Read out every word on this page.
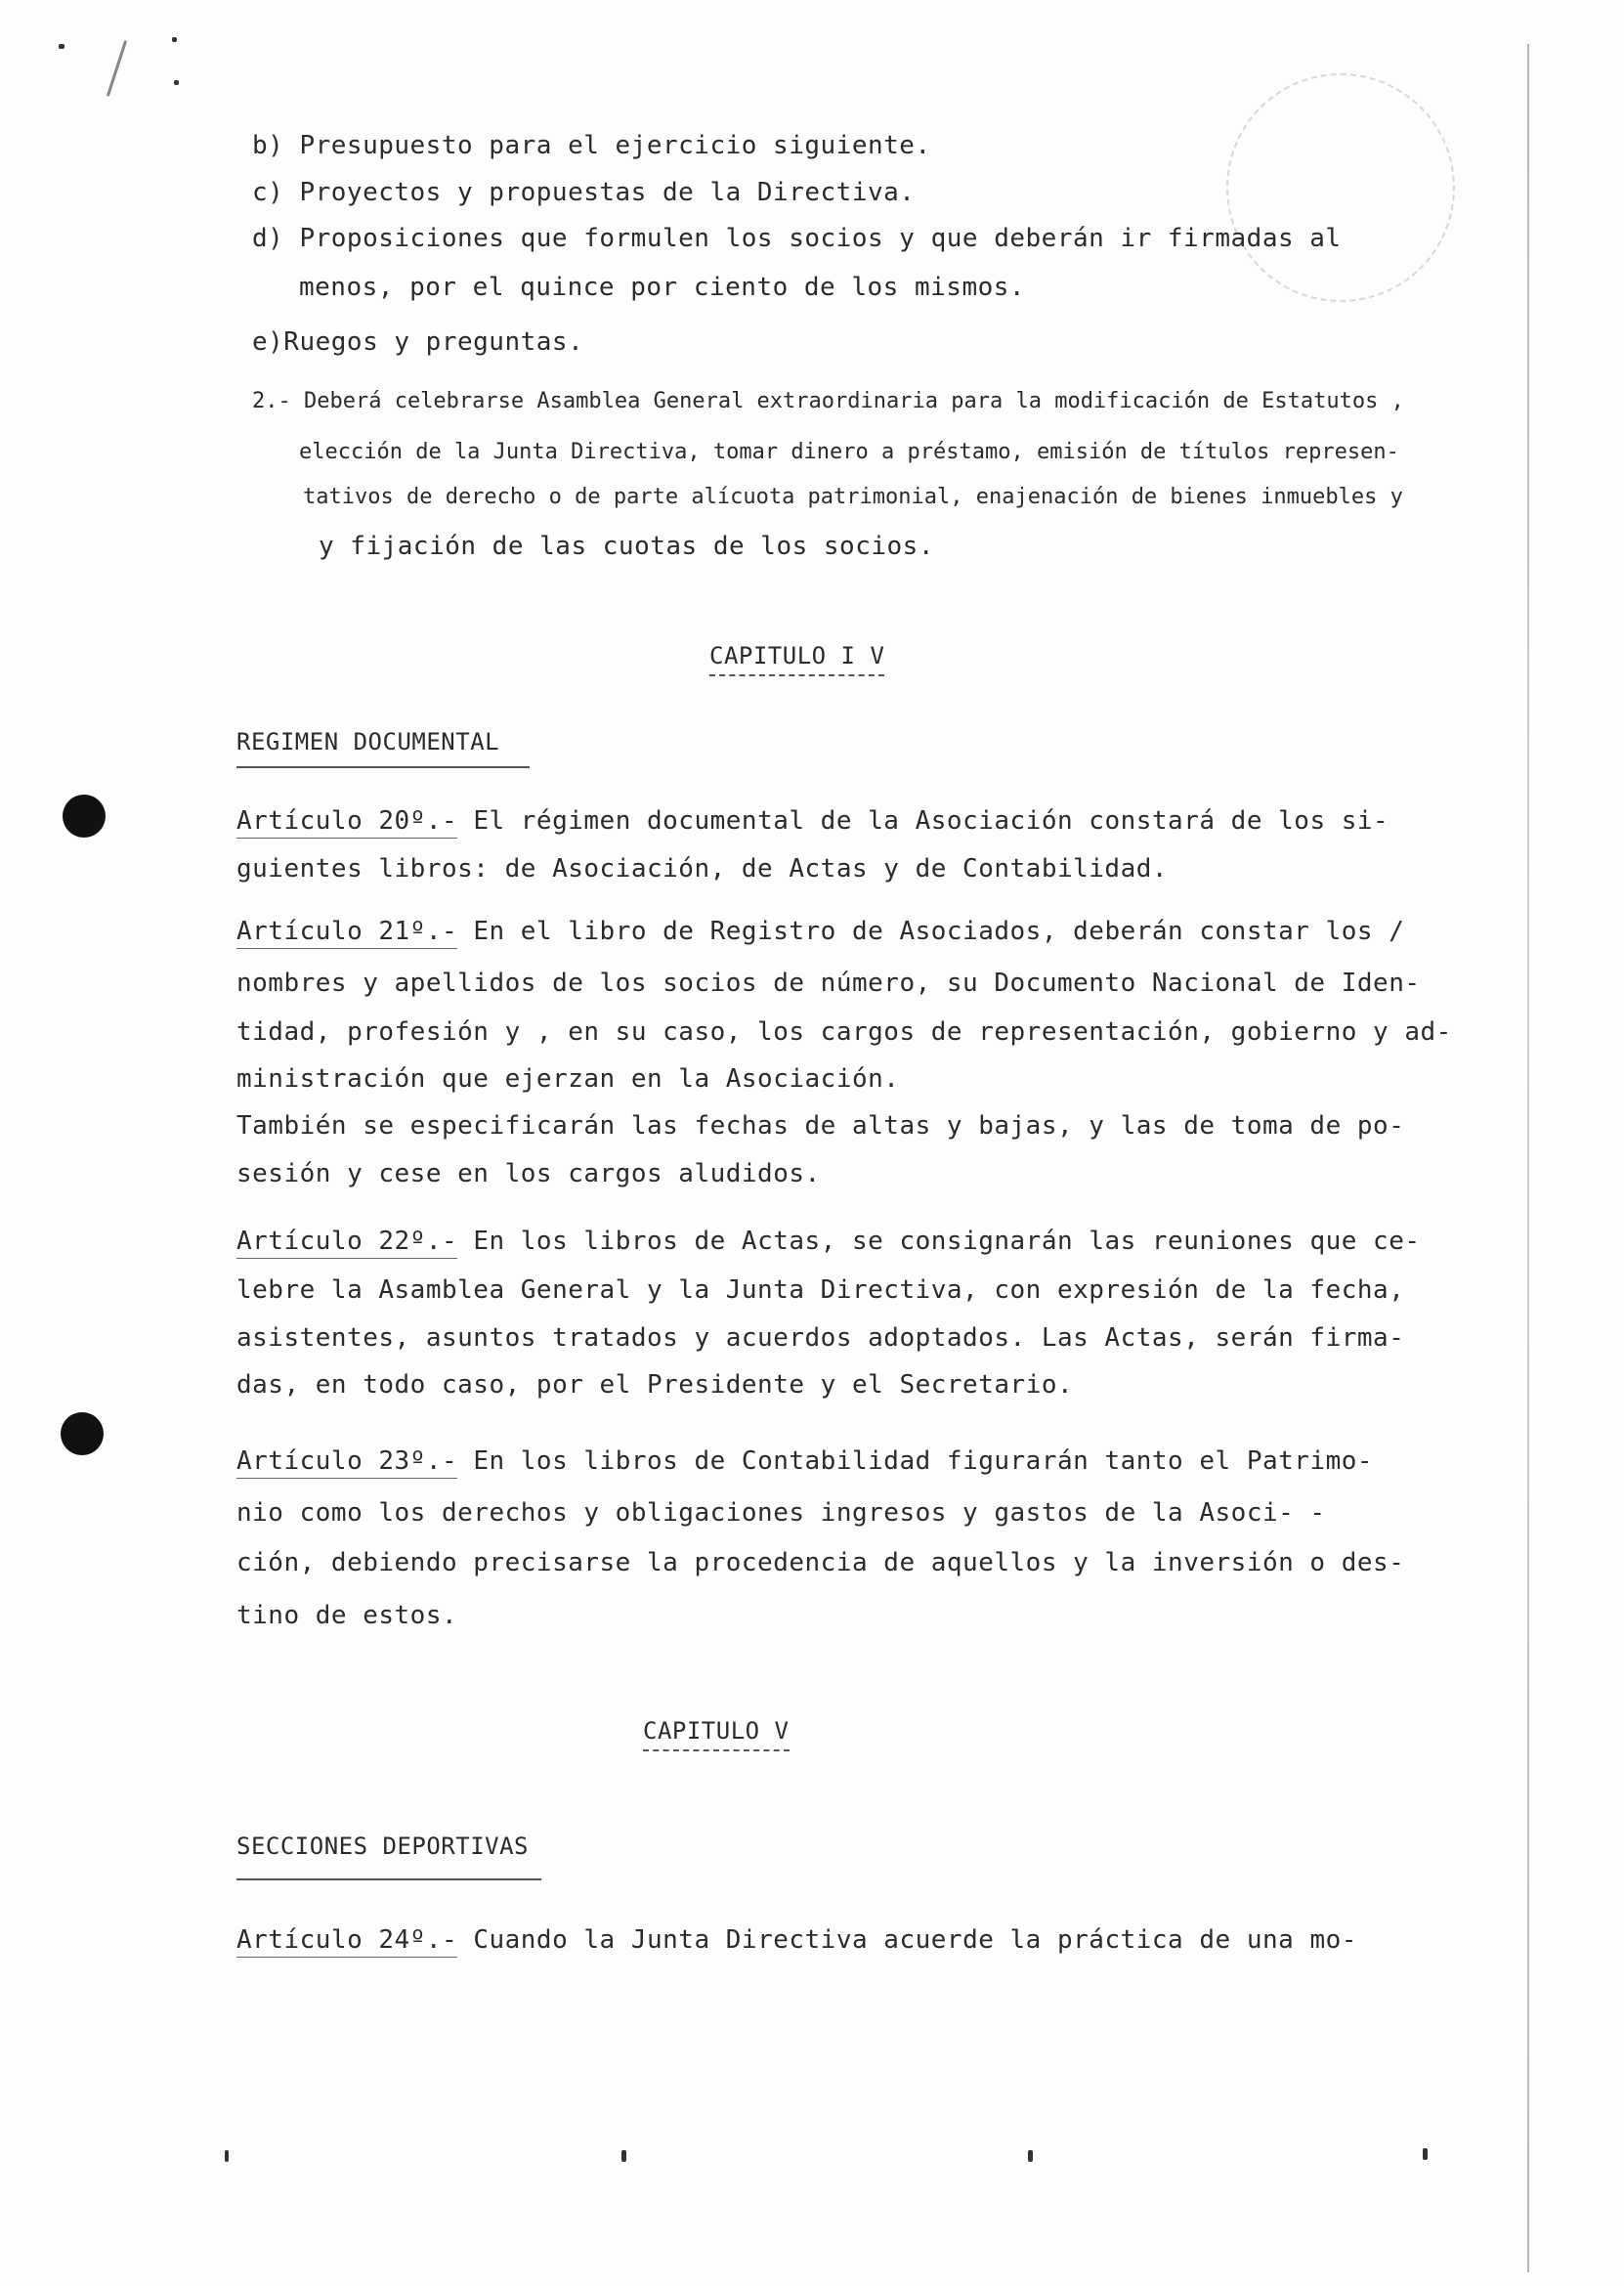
b) Presupuesto para el ejercicio siguiente.
c) Proyectos y propuestas de la Directiva.
d) Proposiciones que formulen los socios y que deberán ir firmadas al
menos, por el quince por ciento de los mismos.
e)Ruegos y preguntas.
2.- Deberá celebrarse Asamblea General extraordinaria para la modificación de Estatutos ,
elección de la Junta Directiva, tomar dinero a préstamo, emisión de títulos represen-
tativos de derecho o de parte alícuota patrimonial, enajenación de bienes inmuebles y
y fijación de las cuotas de los socios.
CAPITULO I V
REGIMEN DOCUMENTAL
Artículo 20º.- El régimen documental de la Asociación constará de los si-
guientes libros: de Asociación, de Actas y de Contabilidad.
Artículo 21º.- En el libro de Registro de Asociados, deberán constar los /
nombres y apellidos de los socios de número, su Documento Nacional de Iden-
tidad, profesión y , en su caso, los cargos de representación, gobierno y ad-
ministración que ejerzan en la Asociación.
También se especificarán las fechas de altas y bajas, y las de toma de po-
sesión y cese en los cargos aludidos.
Artículo 22º.- En los libros de Actas, se consignarán las reuniones que ce-
lebre la Asamblea General y la Junta Directiva, con expresión de la fecha,
asistentes, asuntos tratados y acuerdos adoptados. Las Actas, serán firma-
das, en todo caso, por el Presidente y el Secretario.
Artículo 23º.- En los libros de Contabilidad figurarán tanto el Patrimo-
nio como los derechos y obligaciones ingresos y gastos de la Asoci- -
ción, debiendo precisarse la procedencia de aquellos y la inversión o des-
tino de estos.
CAPITULO V
SECCIONES DEPORTIVAS
Artículo 24º.- Cuando la Junta Directiva acuerde la práctica de una mo-
